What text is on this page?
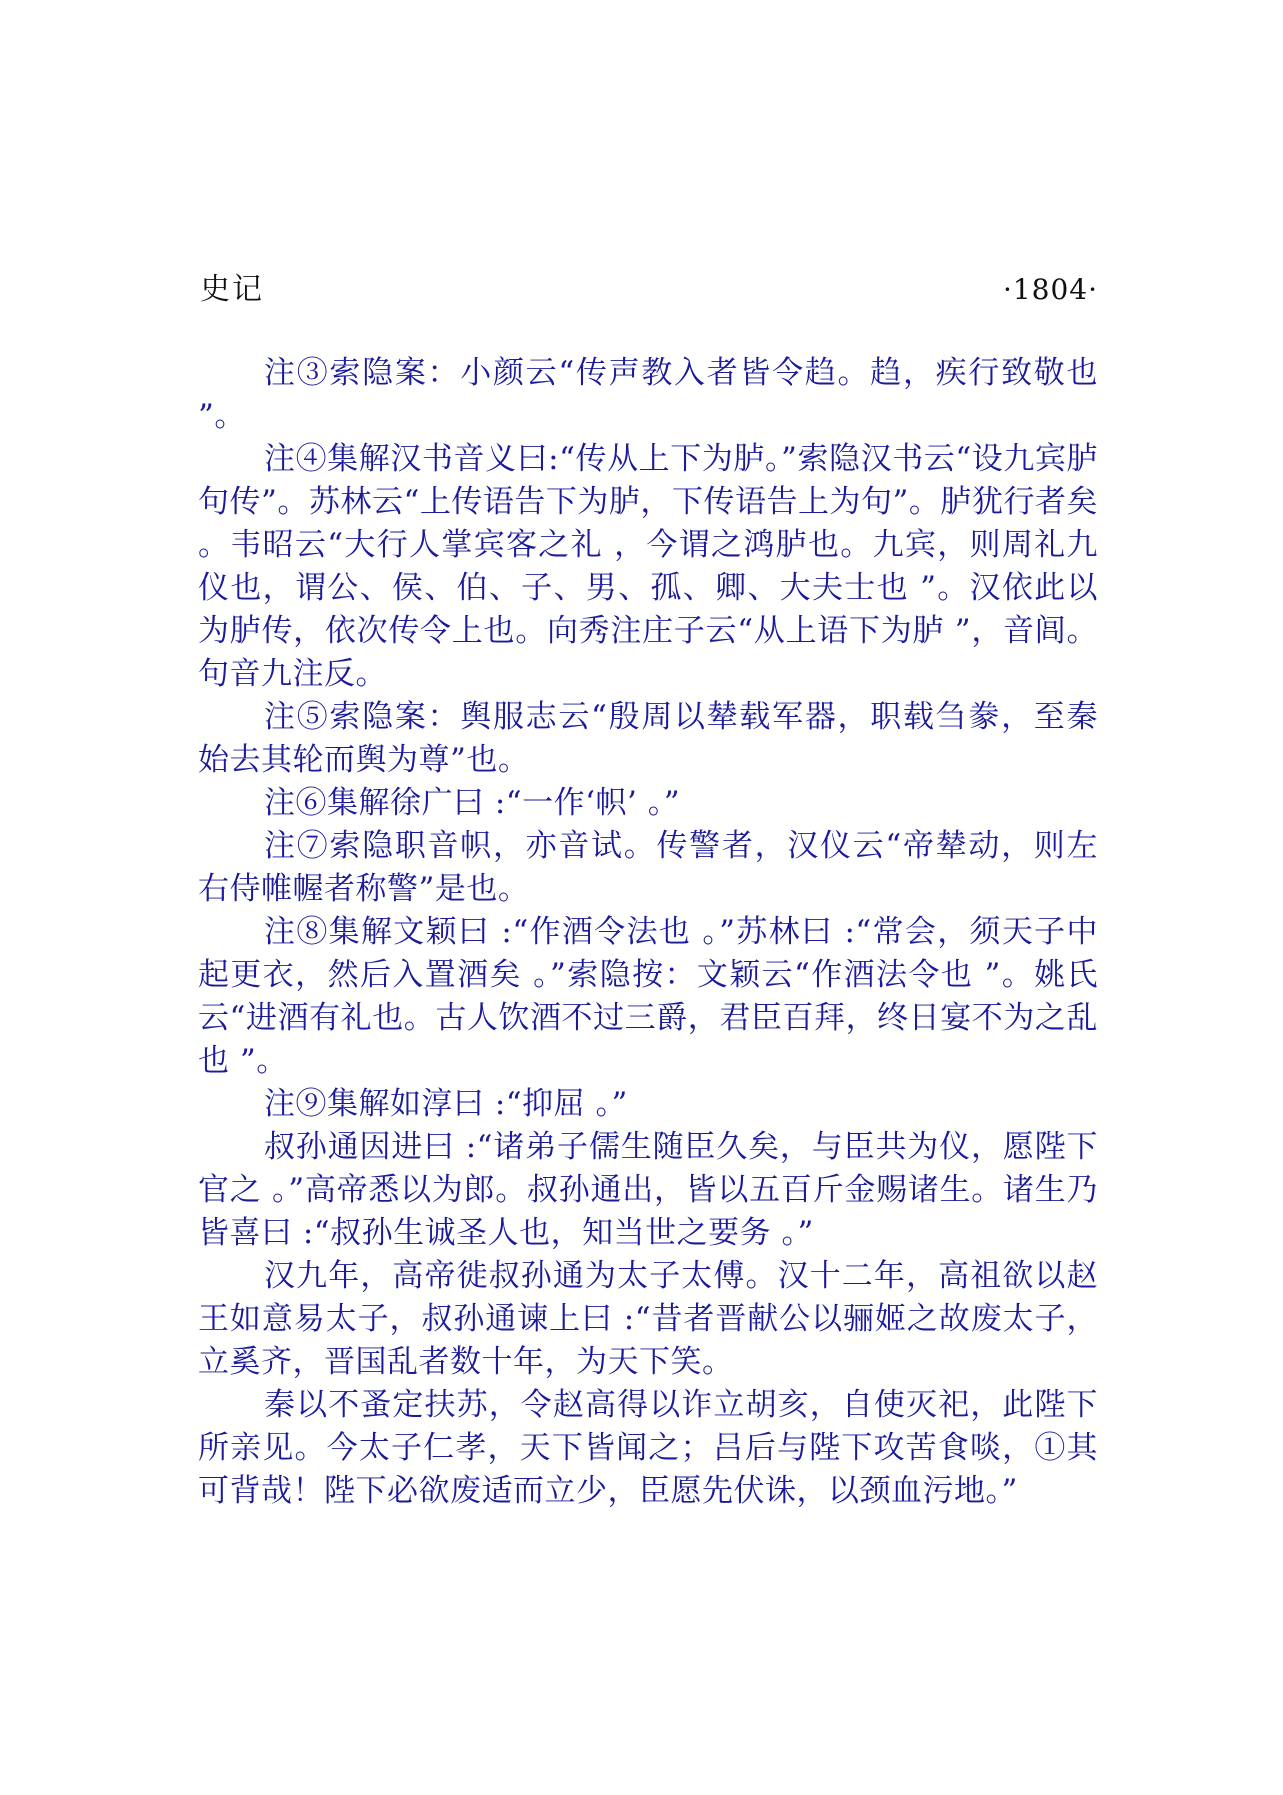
史记	·1804·

注③索隐案：小颜云“传声教入者皆令趋。趋，疾行致敬也 ”。

注④集解汉书音义曰:“传从上下为胪。”索隐汉书云“设九宾胪句传”。苏林云“上传语告下为胪，下传语告上为句”。胪犹行者矣 。韦昭云“大行人掌宾客之礼 ，今谓之鸿胪也。九宾，则周礼九仪也，谓公、侯、伯、子、男、孤、卿、大夫士也 ”。汉依此以为胪传，依次传令上也。向秀注庄子云“从上语下为胪 ”，音闾。句音九注反。

注⑤索隐案：舆服志云“殷周以辇载军器，职载刍豢，至秦始去其轮而舆为尊”也。

注⑥集解徐广曰 :“一作‘帜’ 。”

注⑦索隐职音帜，亦音试。传警者，汉仪云“帝辇动，则左右侍帷幄者称警”是也。

注⑧集解文颖曰 :“作酒令法也 。”苏林曰 :“常会，须天子中起更衣，然后入置酒矣 。”索隐按：文颖云“作酒法令也 ”。姚氏云“进酒有礼也。古人饮酒不过三爵，君臣百拜，终日宴不为之乱也 ”。

注⑨集解如淳曰 :“抑屈 。”

叔孙通因进曰 :“诸弟子儒生随臣久矣，与臣共为仪，愿陛下官之 。”高帝悉以为郎。叔孙通出，皆以五百斤金赐诸生。诸生乃皆喜曰 :“叔孙生诚圣人也，知当世之要务 。”

汉九年，高帝徙叔孙通为太子太傅。汉十二年，高祖欲以赵王如意易太子，叔孙通谏上曰 :“昔者晋献公以骊姬之故废太子，立奚齐，晋国乱者数十年，为天下笑。

秦以不蚤定扶苏，令赵高得以诈立胡亥，自使灭祀，此陛下所亲见。今太子仁孝，天下皆闻之；吕后与陛下攻苦食啖，①其可背哉！陛下必欲废适而立少，臣愿先伏诛，以颈血污地。”
